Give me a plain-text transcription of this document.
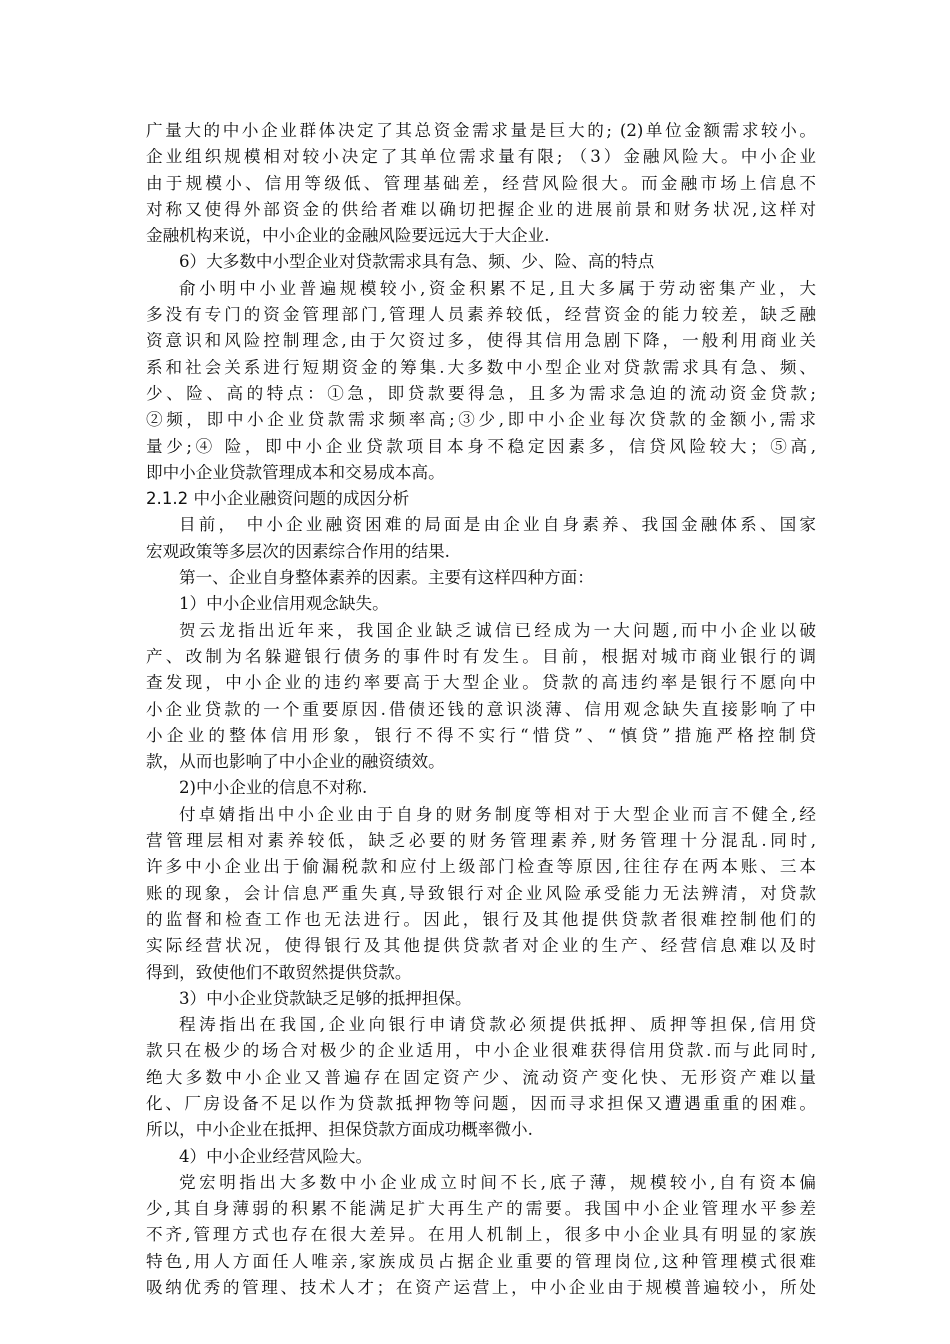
广量大的中小企业群体决定了其总资金需求量是巨大的; (2)单位金额需求较小。
企业组织规模相对较小决定了其单位需求量有限; （3）金融风险大。中小企业
由于规模小、信用等级低、管理基础差，经营风险很大。而金融市场上信息不
对称又使得外部资金的供给者难以确切把握企业的进展前景和财务状况,这样对
金融机构来说，中小企业的金融风险要远远大于大企业.
6）大多数中小型企业对贷款需求具有急、频、少、险、高的特点
俞小明中小业普遍规模较小,资金积累不足,且大多属于劳动密集产业，大
多没有专门的资金管理部门,管理人员素养较低，经营资金的能力较差，缺乏融
资意识和风险控制理念,由于欠资过多，使得其信用急剧下降，一般利用商业关
系和社会关系进行短期资金的筹集.大多数中小型企业对贷款需求具有急、频、
少、险、高的特点：①急，即贷款要得急，且多为需求急迫的流动资金贷款;
②频，即中小企业贷款需求频率高;③少,即中小企业每次贷款的金额小,需求
量少;④ 险，即中小企业贷款项目本身不稳定因素多，信贷风险较大；⑤高,
即中小企业贷款管理成本和交易成本高。
2.1.2 中小企业融资问题的成因分析
目前， 中小企业融资困难的局面是由企业自身素养、我国金融体系、国家
宏观政策等多层次的因素综合作用的结果.
第一、企业自身整体素养的因素。主要有这样四种方面：
1）中小企业信用观念缺失。
贺云龙指出近年来，我国企业缺乏诚信已经成为一大问题,而中小企业以破
产、改制为名躲避银行债务的事件时有发生。目前，根据对城市商业银行的调
查发现，中小企业的违约率要高于大型企业。贷款的高违约率是银行不愿向中
小企业贷款的一个重要原因.借债还钱的意识淡薄、信用观念缺失直接影响了中
小企业的整体信用形象，银行不得不实行“惜贷”、“慎贷”措施严格控制贷
款，从而也影响了中小企业的融资绩效。
2)中小企业的信息不对称.
付卓婧指出中小企业由于自身的财务制度等相对于大型企业而言不健全,经
营管理层相对素养较低，缺乏必要的财务管理素养,财务管理十分混乱.同时,
许多中小企业出于偷漏税款和应付上级部门检查等原因,往往存在两本账、三本
账的现象，会计信息严重失真,导致银行对企业风险承受能力无法辨清，对贷款
的监督和检查工作也无法进行。因此，银行及其他提供贷款者很难控制他们的
实际经营状况，使得银行及其他提供贷款者对企业的生产、经营信息难以及时
得到，致使他们不敢贸然提供贷款。
3）中小企业贷款缺乏足够的抵押担保。
程涛指出在我国,企业向银行申请贷款必须提供抵押、质押等担保,信用贷
款只在极少的场合对极少的企业适用，中小企业很难获得信用贷款.而与此同时,
绝大多数中小企业又普遍存在固定资产少、流动资产变化快、无形资产难以量
化、厂房设备不足以作为贷款抵押物等问题，因而寻求担保又遭遇重重的困难。
所以，中小企业在抵押、担保贷款方面成功概率微小.
4）中小企业经营风险大。
党宏明指出大多数中小企业成立时间不长,底子薄，规模较小,自有资本偏
少,其自身薄弱的积累不能满足扩大再生产的需要。我国中小企业管理水平参差
不齐,管理方式也存在很大差异。在用人机制上，很多中小企业具有明显的家族
特色,用人方面任人唯亲,家族成员占据企业重要的管理岗位,这种管理模式很难
吸纳优秀的管理、技术人才；在资产运营上，中小企业由于规模普遍较小，所处
